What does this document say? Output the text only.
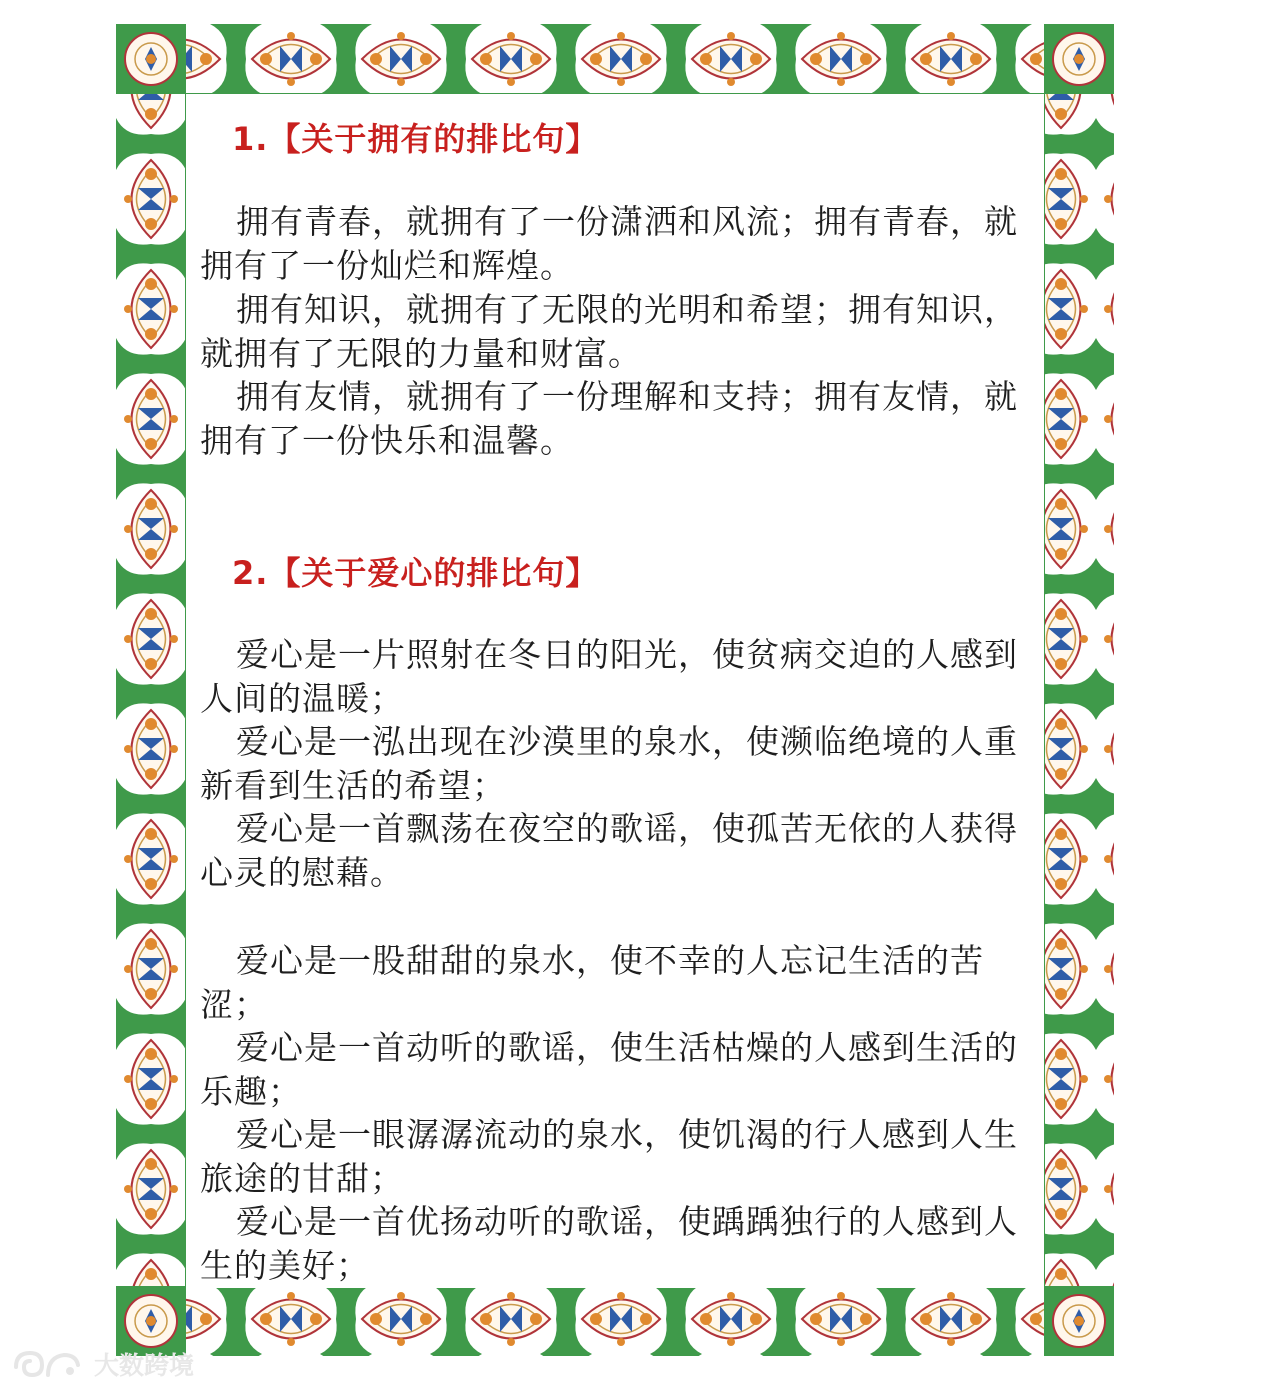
1.【关于拥有的排比句】

拥有青春，就拥有了一份潇洒和风流；拥有青春，就拥有了一份灿烂和辉煌。

拥有知识，就拥有了无限的光明和希望；拥有知识，就拥有了无限的力量和财富。

拥有友情，就拥有了一份理解和支持；拥有友情，就拥有了一份快乐和温馨。

2.【关于爱心的排比句】

爱心是一片照射在冬日的阳光，使贫病交迫的人感到人间的温暖；

爱心是一泓出现在沙漠里的泉水，使濒临绝境的人重新看到生活的希望；

爱心是一首飘荡在夜空的歌谣，使孤苦无依的人获得心灵的慰藉。

爱心是一股甜甜的泉水，使不幸的人忘记生活的苦涩；

爱心是一首动听的歌谣，使生活枯燥的人感到生活的乐趣；

爱心是一眼潺潺流动的泉水，使饥渴的行人感到人生旅途的甘甜；

爱心是一首优扬动听的歌谣，使踽踽独行的人感到人生的美好；

大数跨境
